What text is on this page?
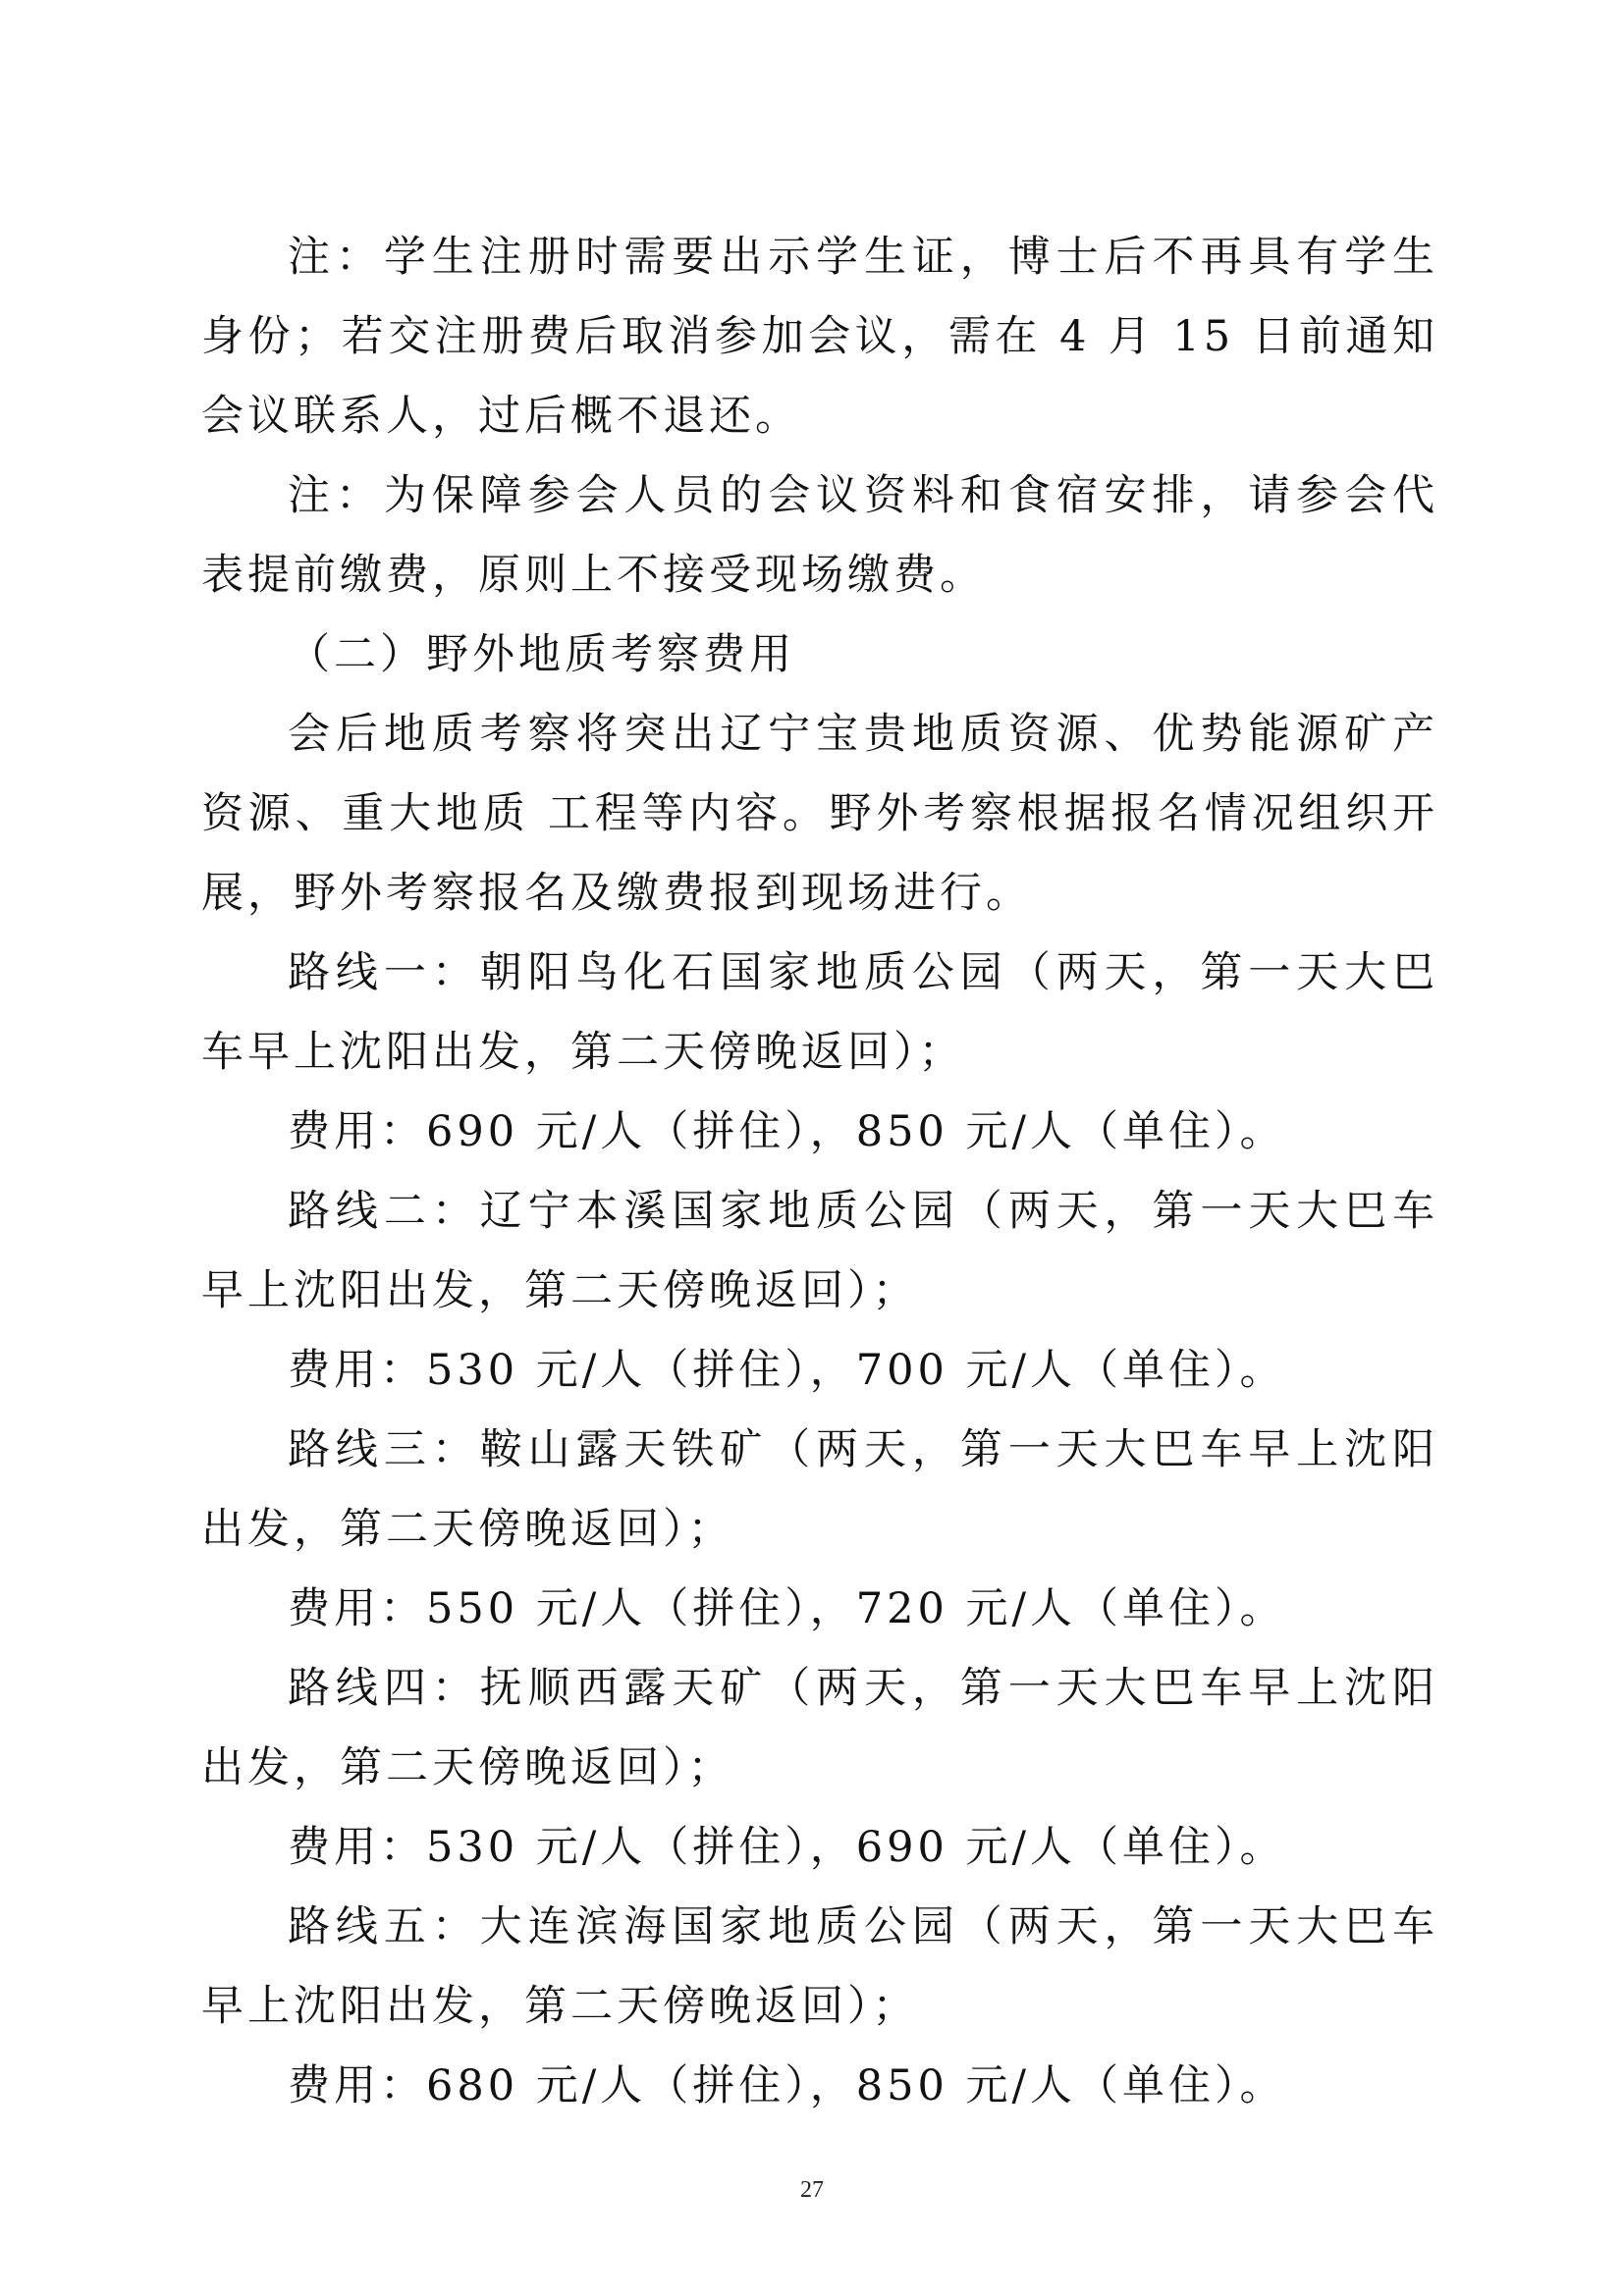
注：学生注册时需要出示学生证，博士后不再具有学生身份；若交注册费后取消参加会议，需在 4 月 15 日前通知会议联系人，过后概不退还。

注：为保障参会人员的会议资料和食宿安排，请参会代表提前缴费，原则上不接受现场缴费。

（二）野外地质考察费用

会后地质考察将突出辽宁宝贵地质资源、优势能源矿产资源、重大地质 工程等内容。野外考察根据报名情况组织开展，野外考察报名及缴费报到现场进行。

路线一：朝阳鸟化石国家地质公园（两天，第一天大巴车早上沈阳出发，第二天傍晚返回）；

费用：690 元/人（拼住），850 元/人（单住）。

路线二：辽宁本溪国家地质公园（两天，第一天大巴车早上沈阳出发，第二天傍晚返回）；

费用：530 元/人（拼住），700 元/人（单住）。

路线三：鞍山露天铁矿（两天，第一天大巴车早上沈阳出发，第二天傍晚返回）；

费用：550 元/人（拼住），720 元/人（单住）。

路线四：抚顺西露天矿（两天，第一天大巴车早上沈阳出发，第二天傍晚返回）；

费用：530 元/人（拼住），690 元/人（单住）。

路线五：大连滨海国家地质公园（两天，第一天大巴车早上沈阳出发，第二天傍晚返回）；

费用：680 元/人（拼住），850 元/人（单住）。

27
